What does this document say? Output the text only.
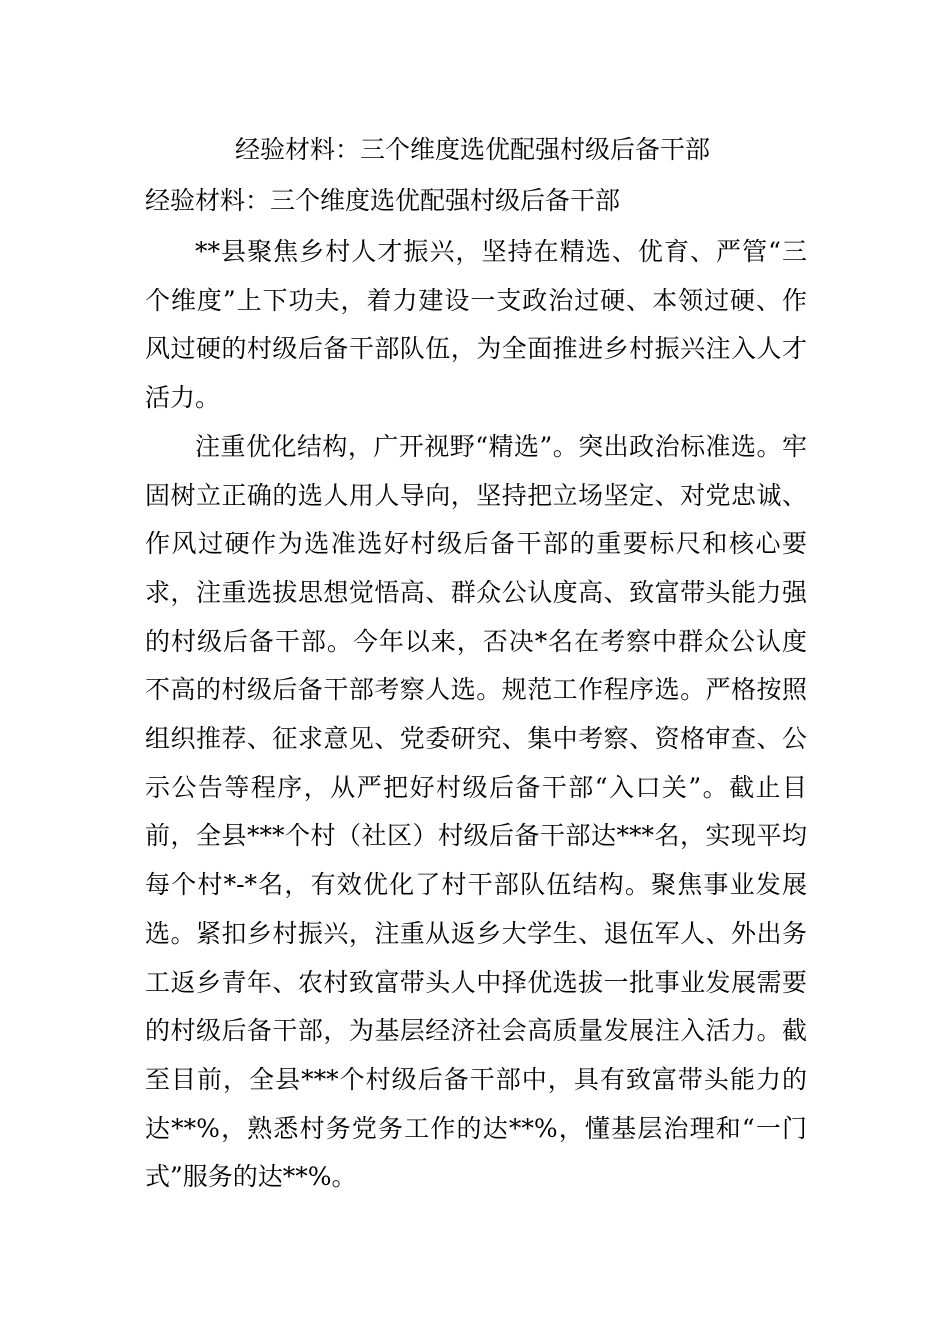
经验材料：三个维度选优配强村级后备干部
经验材料：三个维度选优配强村级后备干部

**县聚焦乡村人才振兴，坚持在精选、优育、严管“三个维度”上下功夫，着力建设一支政治过硬、本领过硬、作风过硬的村级后备干部队伍，为全面推进乡村振兴注入人才活力。

注重优化结构，广开视野“精选”。突出政治标准选。牢固树立正确的选人用人导向，坚持把立场坚定、对党忠诚、作风过硬作为选准选好村级后备干部的重要标尺和核心要求，注重选拔思想觉悟高、群众公认度高、致富带头能力强的村级后备干部。今年以来，否决*名在考察中群众公认度不高的村级后备干部考察人选。规范工作程序选。严格按照组织推荐、征求意见、党委研究、集中考察、资格审查、公示公告等程序，从严把好村级后备干部“入口关”。截止目前，全县***个村（社区）村级后备干部达***名，实现平均每个村*-*名，有效优化了村干部队伍结构。聚焦事业发展选。紧扣乡村振兴，注重从返乡大学生、退伍军人、外出务工返乡青年、农村致富带头人中择优选拔一批事业发展需要的村级后备干部，为基层经济社会高质量发展注入活力。截至目前，全县***个村级后备干部中，具有致富带头能力的达**%，熟悉村务党务工作的达**%，懂基层治理和“一门式”服务的达**%。
